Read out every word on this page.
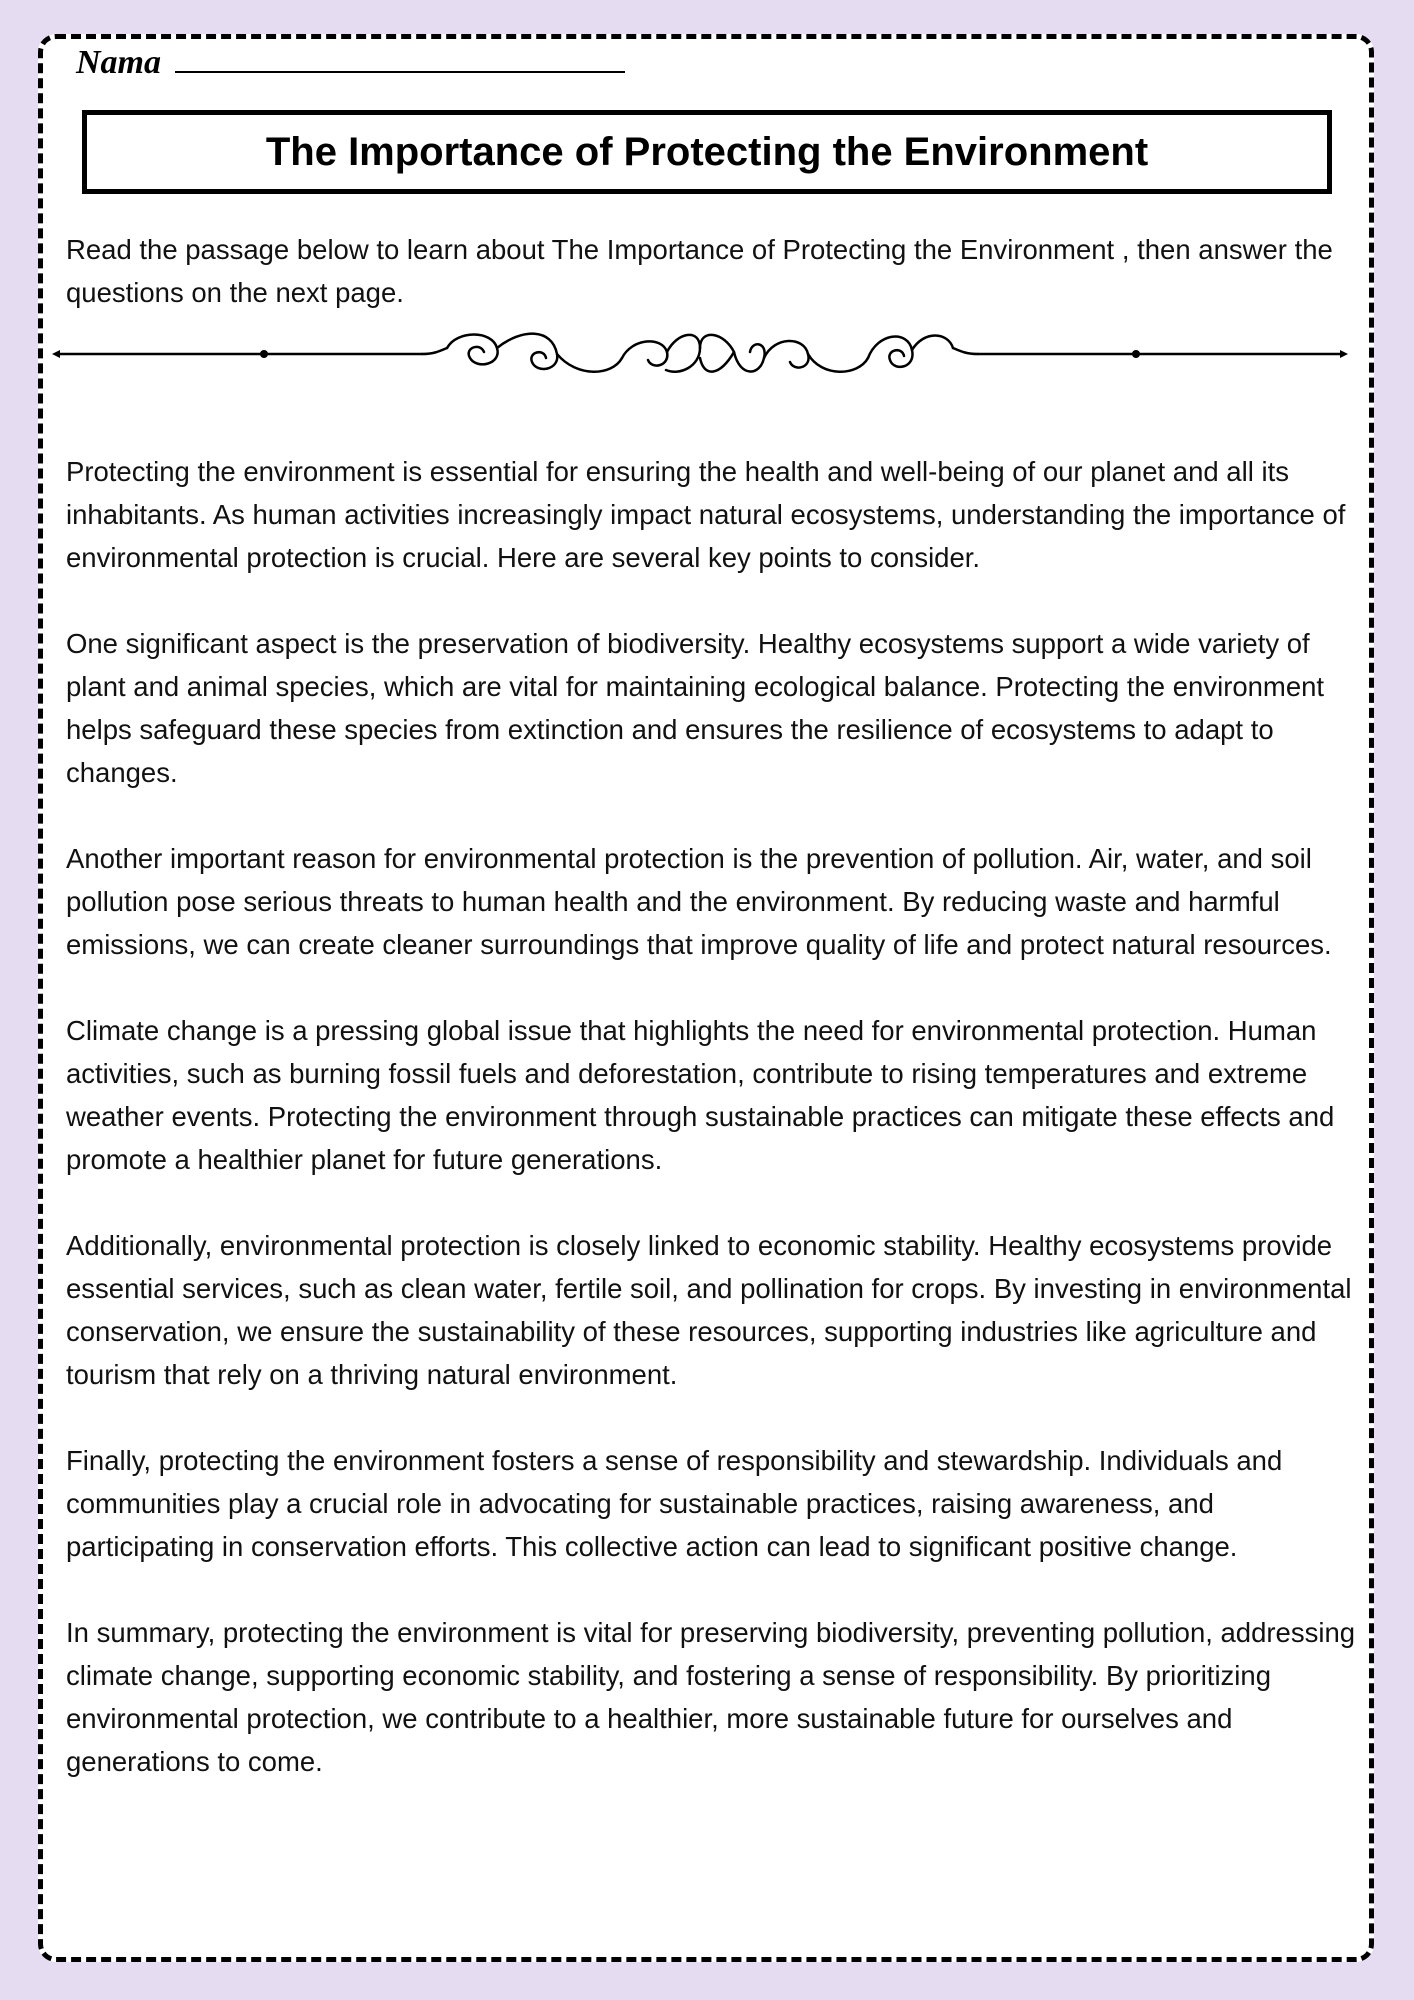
Nama
The Importance of Protecting the Environment

Read the passage below to learn about The Importance of Protecting the Environment , then answer the questions on the next page.

Protecting the environment is essential for ensuring the health and well-being of our planet and all its inhabitants. As human activities increasingly impact natural ecosystems, understanding the importance of environmental protection is crucial. Here are several key points to consider.

One significant aspect is the preservation of biodiversity. Healthy ecosystems support a wide variety of plant and animal species, which are vital for maintaining ecological balance. Protecting the environment helps safeguard these species from extinction and ensures the resilience of ecosystems to adapt to changes.

Another important reason for environmental protection is the prevention of pollution. Air, water, and soil pollution pose serious threats to human health and the environment. By reducing waste and harmful emissions, we can create cleaner surroundings that improve quality of life and protect natural resources.

Climate change is a pressing global issue that highlights the need for environmental protection. Human activities, such as burning fossil fuels and deforestation, contribute to rising temperatures and extreme weather events. Protecting the environment through sustainable practices can mitigate these effects and promote a healthier planet for future generations.

Additionally, environmental protection is closely linked to economic stability. Healthy ecosystems provide essential services, such as clean water, fertile soil, and pollination for crops. By investing in environmental conservation, we ensure the sustainability of these resources, supporting industries like agriculture and tourism that rely on a thriving natural environment.

Finally, protecting the environment fosters a sense of responsibility and stewardship. Individuals and communities play a crucial role in advocating for sustainable practices, raising awareness, and participating in conservation efforts. This collective action can lead to significant positive change.

In summary, protecting the environment is vital for preserving biodiversity, preventing pollution, addressing climate change, supporting economic stability, and fostering a sense of responsibility. By prioritizing environmental protection, we contribute to a healthier, more sustainable future for ourselves and generations to come.
